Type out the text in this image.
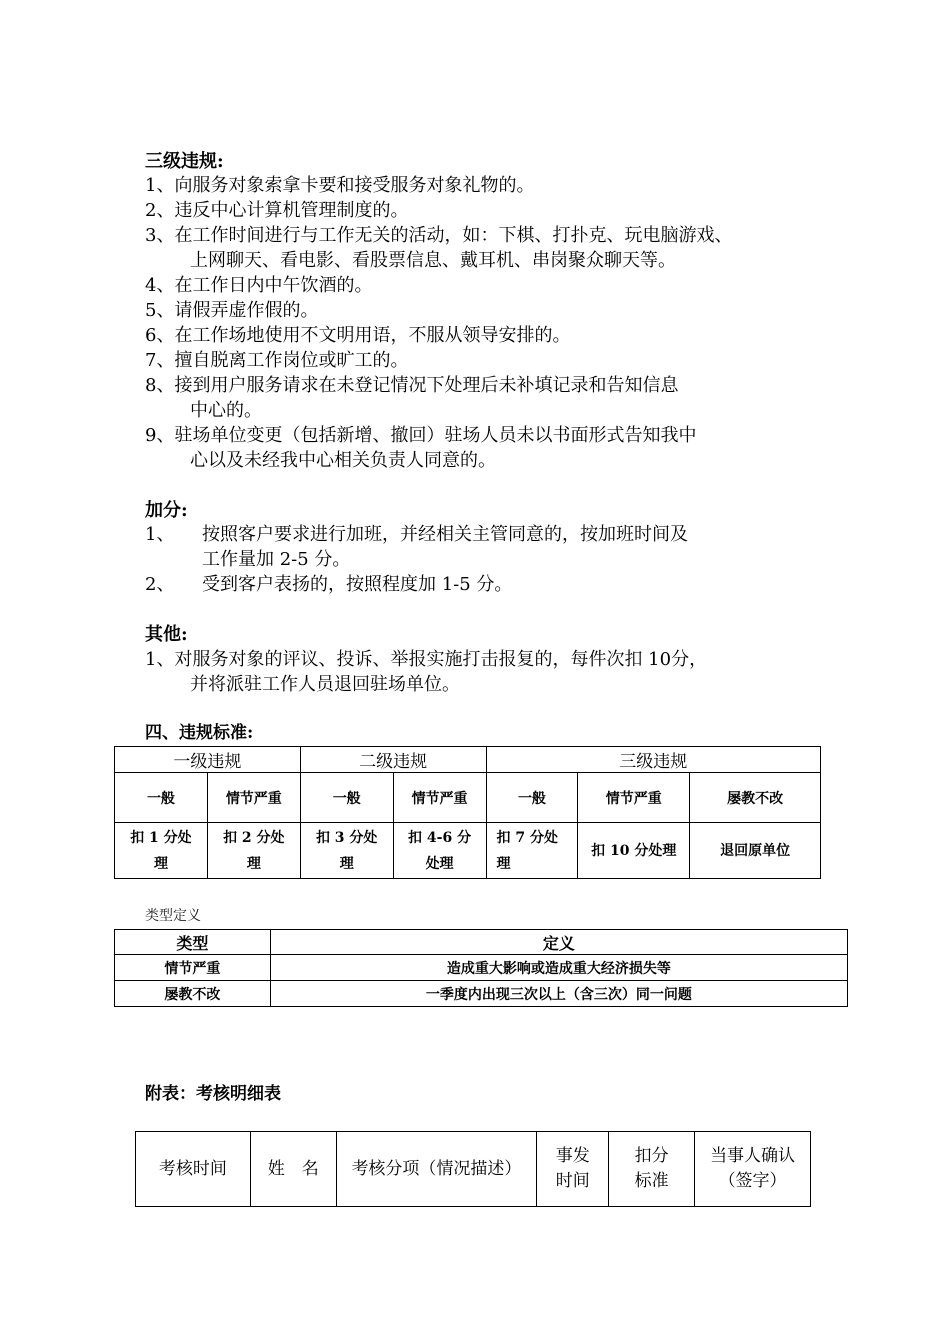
三级违规:
1、向服务对象索拿卡要和接受服务对象礼物的。
2、违反中心计算机管理制度的。
3、在工作时间进行与工作无关的活动，如：下棋、打扑克、玩电脑游戏、
上网聊天、看电影、看股票信息、戴耳机、串岗聚众聊天等。
4、在工作日内中午饮酒的。
5、请假弄虚作假的。
6、在工作场地使用不文明用语，不服从领导安排的。
7、擅自脱离工作岗位或旷工的。
8、接到用户服务请求在未登记情况下处理后未补填记录和告知信息
中心的。
9、驻场单位变更（包括新增、撤回）驻场人员未以书面形式告知我中
心以及未经我中心相关负责人同意的。
加分:
1、 按照客户要求进行加班，并经相关主管同意的，按加班时间及
工作量加 2-5 分。
2、 受到客户表扬的，按照程度加 1-5 分。
其他:
1、对服务对象的评议、投诉、举报实施打击报复的，每件次扣 10分，
并将派驻工作人员退回驻场单位。
四、违规标准:
一级违规		二级违规		三级违规		
一般	情节严重	一般	情节严重	一般	情节严重	屡教不改
扣 1 分处理	扣 2 分处理	扣 3 分处理	扣 4-6 分处理	扣 7 分处理	扣 10 分处理	退回原单位
类型定义
类型	定义
情节严重	造成重大影响或造成重大经济损失等
屡教不改	一季度内出现三次以上（含三次）同一问题
附表：考核明细表
考核时间	姓　名	考核分项（情况描述）	事发时间	扣分标准	当事人确认（签字）
